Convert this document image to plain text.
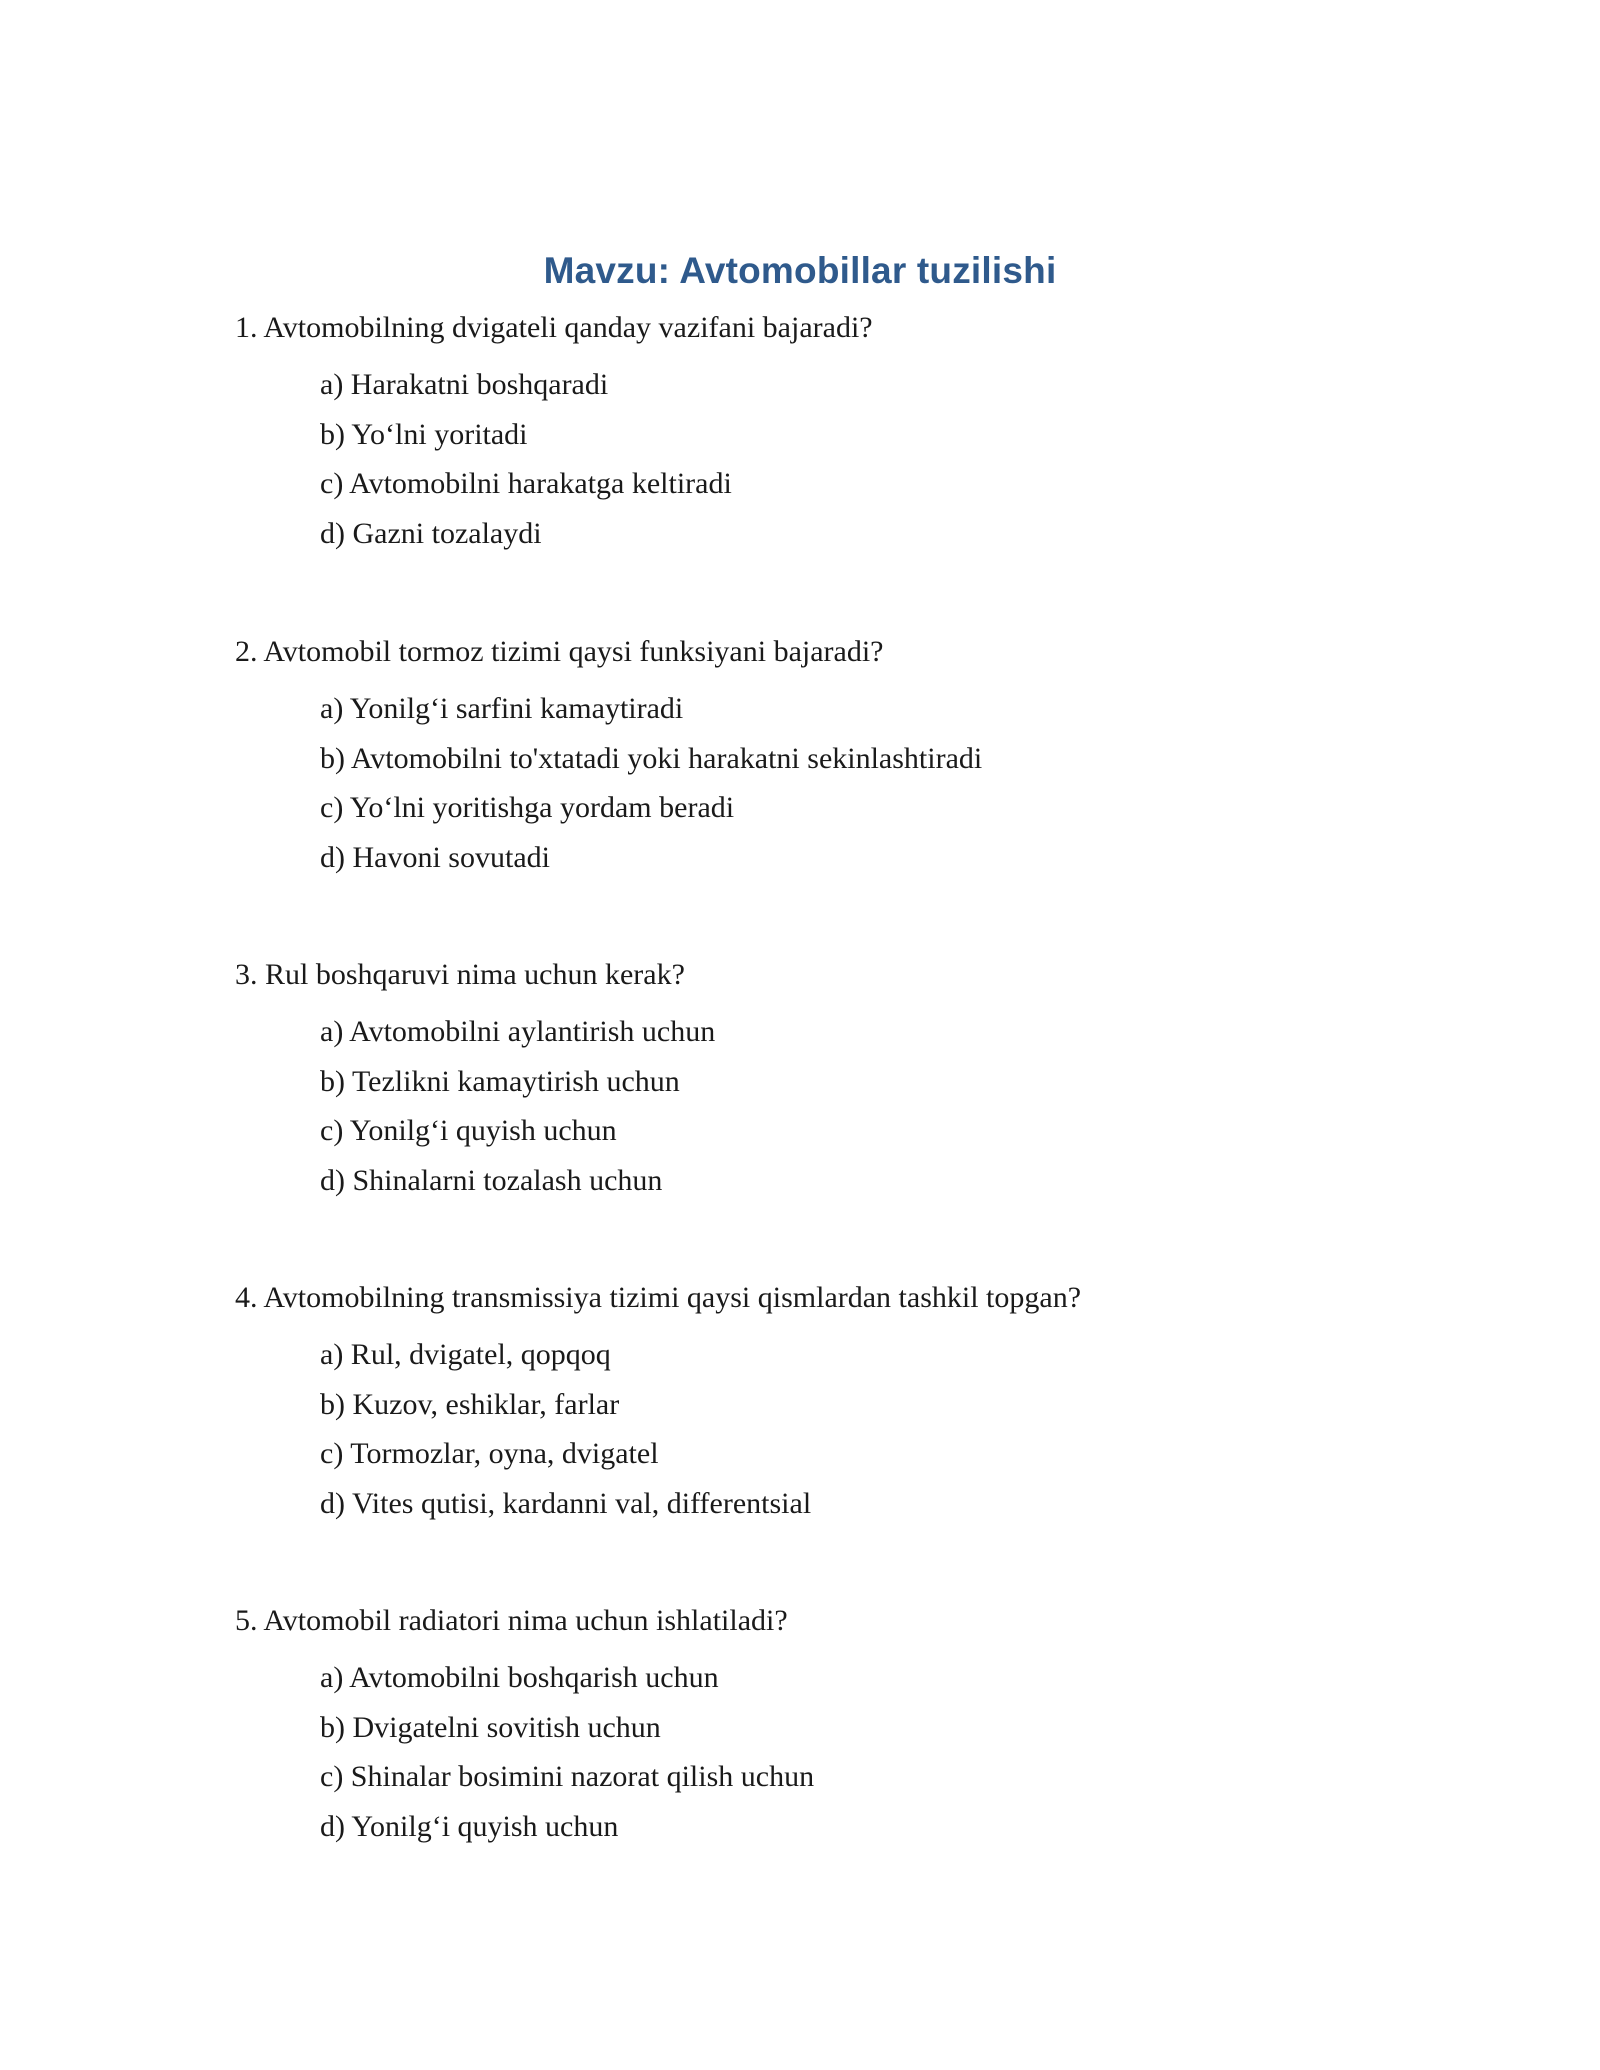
Mavzu: Avtomobillar tuzilishi

1. Avtomobilning dvigateli qanday vazifani bajaradi?

a) Harakatni boshqaradi
b) Yo‘lni yoritadi
c) Avtomobilni harakatga keltiradi
d) Gazni tozalaydi

2. Avtomobil tormoz tizimi qaysi funksiyani bajaradi?

a) Yonilg‘i sarfini kamaytiradi
b) Avtomobilni to'xtatadi yoki harakatni sekinlashtiradi
c) Yo‘lni yoritishga yordam beradi
d) Havoni sovutadi

3. Rul boshqaruvi nima uchun kerak?

a) Avtomobilni aylantirish uchun
b) Tezlikni kamaytirish uchun
c) Yonilg‘i quyish uchun
d) Shinalarni tozalash uchun

4. Avtomobilning transmissiya tizimi qaysi qismlardan tashkil topgan?

a) Rul, dvigatel, qopqoq
b) Kuzov, eshiklar, farlar
c) Tormozlar, oyna, dvigatel
d) Vites qutisi, kardanni val, differentsial

5. Avtomobil radiatori nima uchun ishlatiladi?

a) Avtomobilni boshqarish uchun
b) Dvigatelni sovitish uchun
c) Shinalar bosimini nazorat qilish uchun
d) Yonilg‘i quyish uchun
